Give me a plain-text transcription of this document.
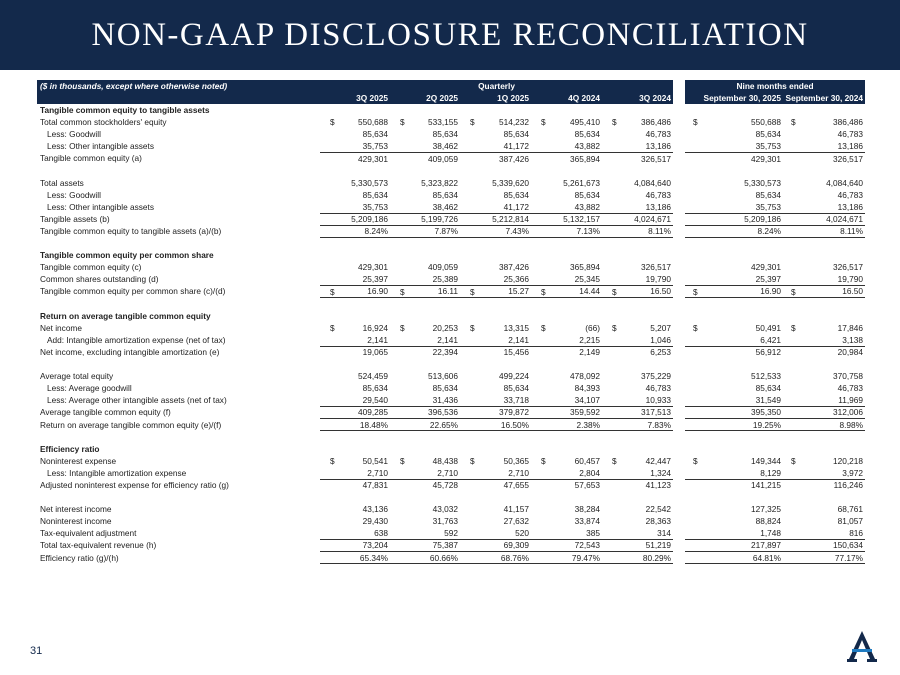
NON-GAAP DISCLOSURE RECONCILIATION
($ in thousands, except where otherwise noted)	Quarterly						Nine months ended	
	3Q 2025	2Q 2025	1Q 2025	4Q 2024	3Q 2024		September 30, 2025	September 30, 2024
Tangible common equity to tangible assets								
Total common stockholders' equity	$ 550,688	$ 533,155	$ 514,232	$ 495,410	$ 386,486		$ 550,688	$ 386,486
Less: Goodwill	85,634	85,634	85,634	85,634	46,783		85,634	46,783
Less: Other intangible assets	35,753	38,462	41,172	43,882	13,186		35,753	13,186
Tangible common equity (a)	429,301	409,059	387,426	365,894	326,517		429,301	326,517

Total assets	5,330,573	5,323,822	5,339,620	5,261,673	4,084,640		5,330,573	4,084,640
Less: Goodwill	85,634	85,634	85,634	85,634	46,783		85,634	46,783
Less: Other intangible assets	35,753	38,462	41,172	43,882	13,186		35,753	13,186
Tangible assets (b)	5,209,186	5,199,726	5,212,814	5,132,157	4,024,671		5,209,186	4,024,671
Tangible common equity to tangible assets (a)/(b)	8.24%	7.87%	7.43%	7.13%	8.11%		8.24%	8.11%

Tangible common equity per common share								
Tangible common equity (c)	429,301	409,059	387,426	365,894	326,517		429,301	326,517
Common shares outstanding (d)	25,397	25,389	25,366	25,345	19,790		25,397	19,790
Tangible common equity per common share (c)/(d)	$ 16.90	$ 16.11	$ 15.27	$ 14.44	$ 16.50		$ 16.90	$ 16.50

Return on average tangible common equity								
Net income	$ 16,924	$ 20,253	$ 13,315	$ (66)	$ 5,207		$ 50,491	$ 17,846
Add: Intangible amortization expense (net of tax)	2,141	2,141	2,141	2,215	1,046		6,421	3,138
Net income, excluding intangible amortization (e)	19,065	22,394	15,456	2,149	6,253		56,912	20,984

Average total equity	524,459	513,606	499,224	478,092	375,229		512,533	370,758
Less: Average goodwill	85,634	85,634	85,634	84,393	46,783		85,634	46,783
Less: Average other intangible assets (net of tax)	29,540	31,436	33,718	34,107	10,933		31,549	11,969
Average tangible common equity (f)	409,285	396,536	379,872	359,592	317,513		395,350	312,006
Return on average tangible common equity (e)/(f)	18.48%	22.65%	16.50%	2.38%	7.83%		19.25%	8.98%

Efficiency ratio								
Noninterest expense	$ 50,541	$ 48,438	$ 50,365	$ 60,457	$ 42,447		$ 149,344	$ 120,218
Less: Intangible amortization expense	2,710	2,710	2,710	2,804	1,324		8,129	3,972
Adjusted noninterest expense for efficiency ratio (g)	47,831	45,728	47,655	57,653	41,123		141,215	116,246

Net interest income	43,136	43,032	41,157	38,284	22,542		127,325	68,761
Noninterest income	29,430	31,763	27,632	33,874	28,363		88,824	81,057
Tax-equivalent adjustment	638	592	520	385	314		1,748	816
Total tax-equivalent revenue (h)	73,204	75,387	69,309	72,543	51,219		217,897	150,634
Efficiency ratio (g)/(h)	65.34%	60.66%	68.76%	79.47%	80.29%		64.81%	77.17%
31
